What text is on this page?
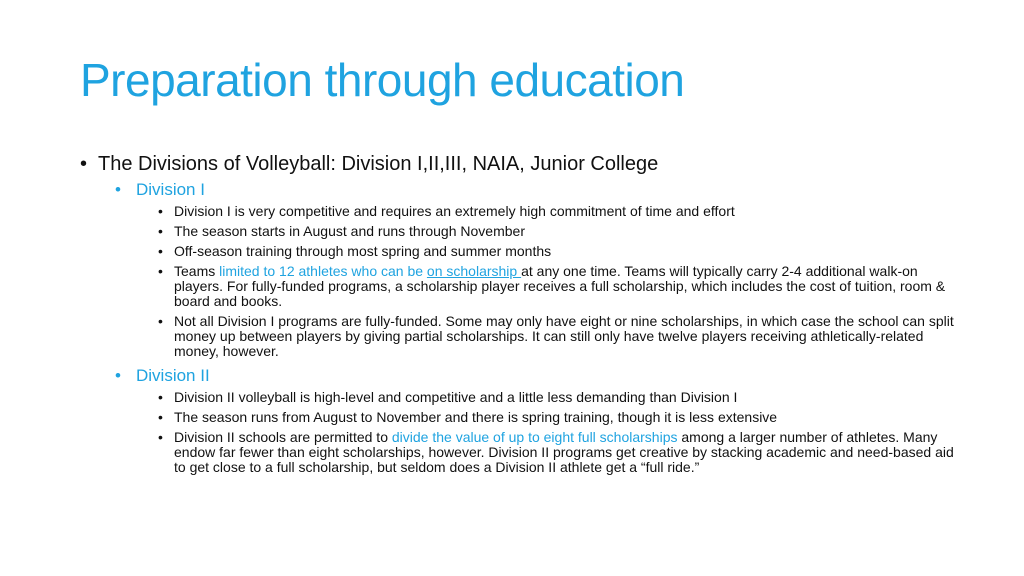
Preparation through education
• The Divisions of Volleyball: Division I,II,III, NAIA, Junior College
• Division I
• Division I is very competitive and requires an extremely high commitment of time and effort
• The season starts in August and runs through November
• Off-season training through most spring and summer months
• Teams limited to 12 athletes who can be on scholarship at any one time. Teams will typically carry 2-4 additional walk-on players. For fully-funded programs, a scholarship player receives a full scholarship, which includes the cost of tuition, room & board and books.
• Not all Division I programs are fully-funded. Some may only have eight or nine scholarships, in which case the school can split money up between players by giving partial scholarships. It can still only have twelve players receiving athletically-related money, however.
• Division II
• Division II volleyball is high-level and competitive and a little less demanding than Division I
• The season runs from August to November and there is spring training, though it is less extensive
• Division II schools are permitted to divide the value of up to eight full scholarships among a larger number of athletes. Many endow far fewer than eight scholarships, however. Division II programs get creative by stacking academic and need-based aid to get close to a full scholarship, but seldom does a Division II athlete get a “full ride.”
